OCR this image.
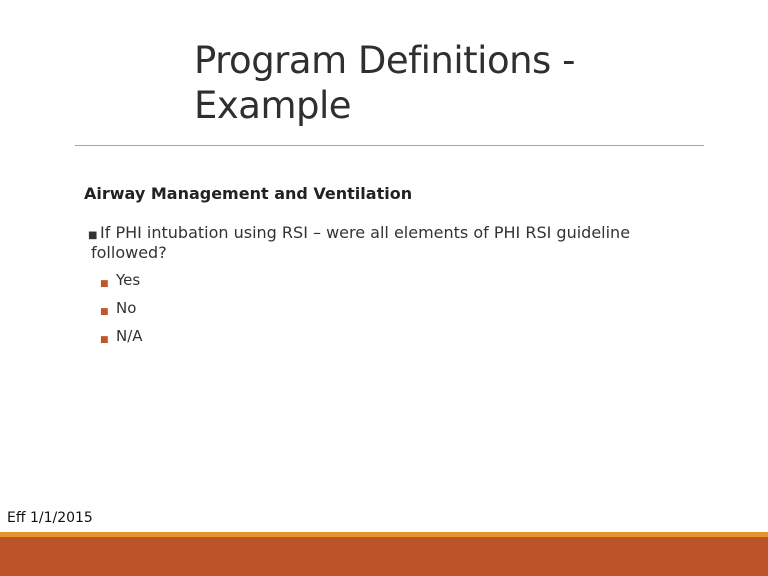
Program Definitions -
Example
Airway Management and Ventilation
■ If PHI intubation using RSI – were all elements of PHI RSI guideline
followed?
■ Yes
■ No
■ N/A
Eff 1/1/2015
